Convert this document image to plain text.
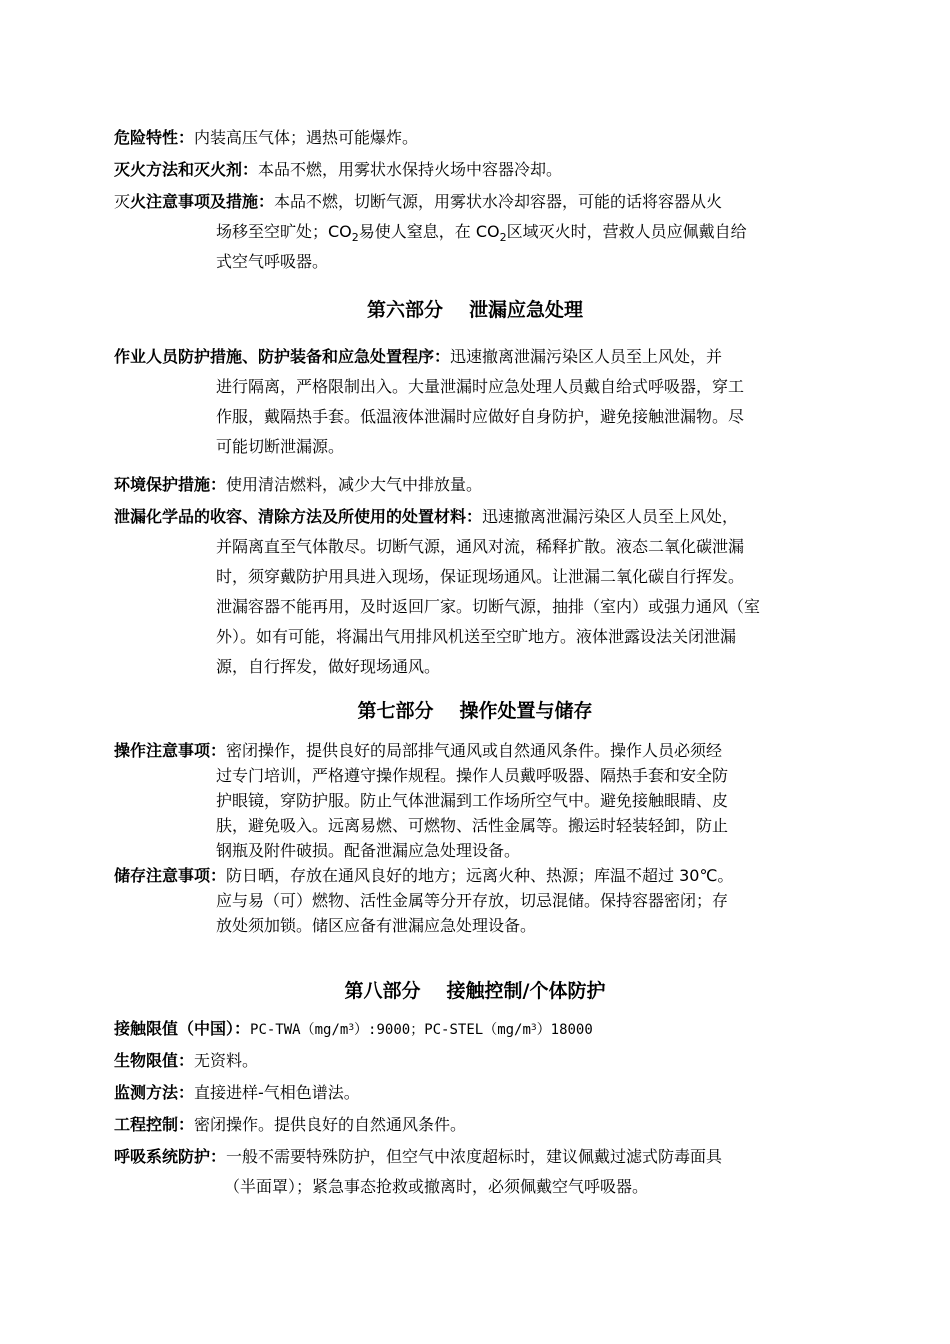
危险特性：内装高压气体；遇热可能爆炸。
灭火方法和灭火剂：本品不燃，用雾状水保持火场中容器冷却。
灭火注意事项及措施：本品不燃，切断气源，用雾状水冷却容器，可能的话将容器从火
场移至空旷处；$CO_2$易使人窒息，在 $CO_2$区域灭火时，营救人员应佩戴自给
式空气呼吸器。
第六部分 泄漏应急处理
作业人员防护措施、防护装备和应急处置程序：迅速撤离泄漏污染区人员至上风处，并
进行隔离，严格限制出入。大量泄漏时应急处理人员戴自给式呼吸器，穿工
作服，戴隔热手套。低温液体泄漏时应做好自身防护，避免接触泄漏物。尽
可能切断泄漏源。
环境保护措施：使用清洁燃料，减少大气中排放量。
泄漏化学品的收容、清除方法及所使用的处置材料：迅速撤离泄漏污染区人员至上风处，
并隔离直至气体散尽。切断气源，通风对流，稀释扩散。液态二氧化碳泄漏
时，须穿戴防护用具进入现场，保证现场通风。让泄漏二氧化碳自行挥发。
泄漏容器不能再用，及时返回厂家。切断气源，抽排（室内）或强力通风（室
外）。如有可能，将漏出气用排风机送至空旷地方。液体泄露设法关闭泄漏
源，自行挥发，做好现场通风。
第七部分 操作处置与储存
操作注意事项：密闭操作，提供良好的局部排气通风或自然通风条件。操作人员必须经
过专门培训，严格遵守操作规程。操作人员戴呼吸器、隔热手套和安全防
护眼镜，穿防护服。防止气体泄漏到工作场所空气中。避免接触眼睛、皮
肤，避免吸入。远离易燃、可燃物、活性金属等。搬运时轻装轻卸，防止
钢瓶及附件破损。配备泄漏应急处理设备。
储存注意事项：防日晒，存放在通风良好的地方；远离火种、热源；库温不超过 30℃。
应与易（可）燃物、活性金属等分开存放，切忌混储。保持容器密闭；存
放处须加锁。储区应备有泄漏应急处理设备。
第八部分 接触控制/个体防护
接触限值（中国）：$PC-TWA(mg/m^3):9000$；$PC-STEL(mg/m^3)18000$
生物限值：无资料。
监测方法：直接进样-气相色谱法。
工程控制：密闭操作。提供良好的自然通风条件。
呼吸系统防护：一般不需要特殊防护，但空气中浓度超标时，建议佩戴过滤式防毒面具
（半面罩）；紧急事态抢救或撤离时，必须佩戴空气呼吸器。
